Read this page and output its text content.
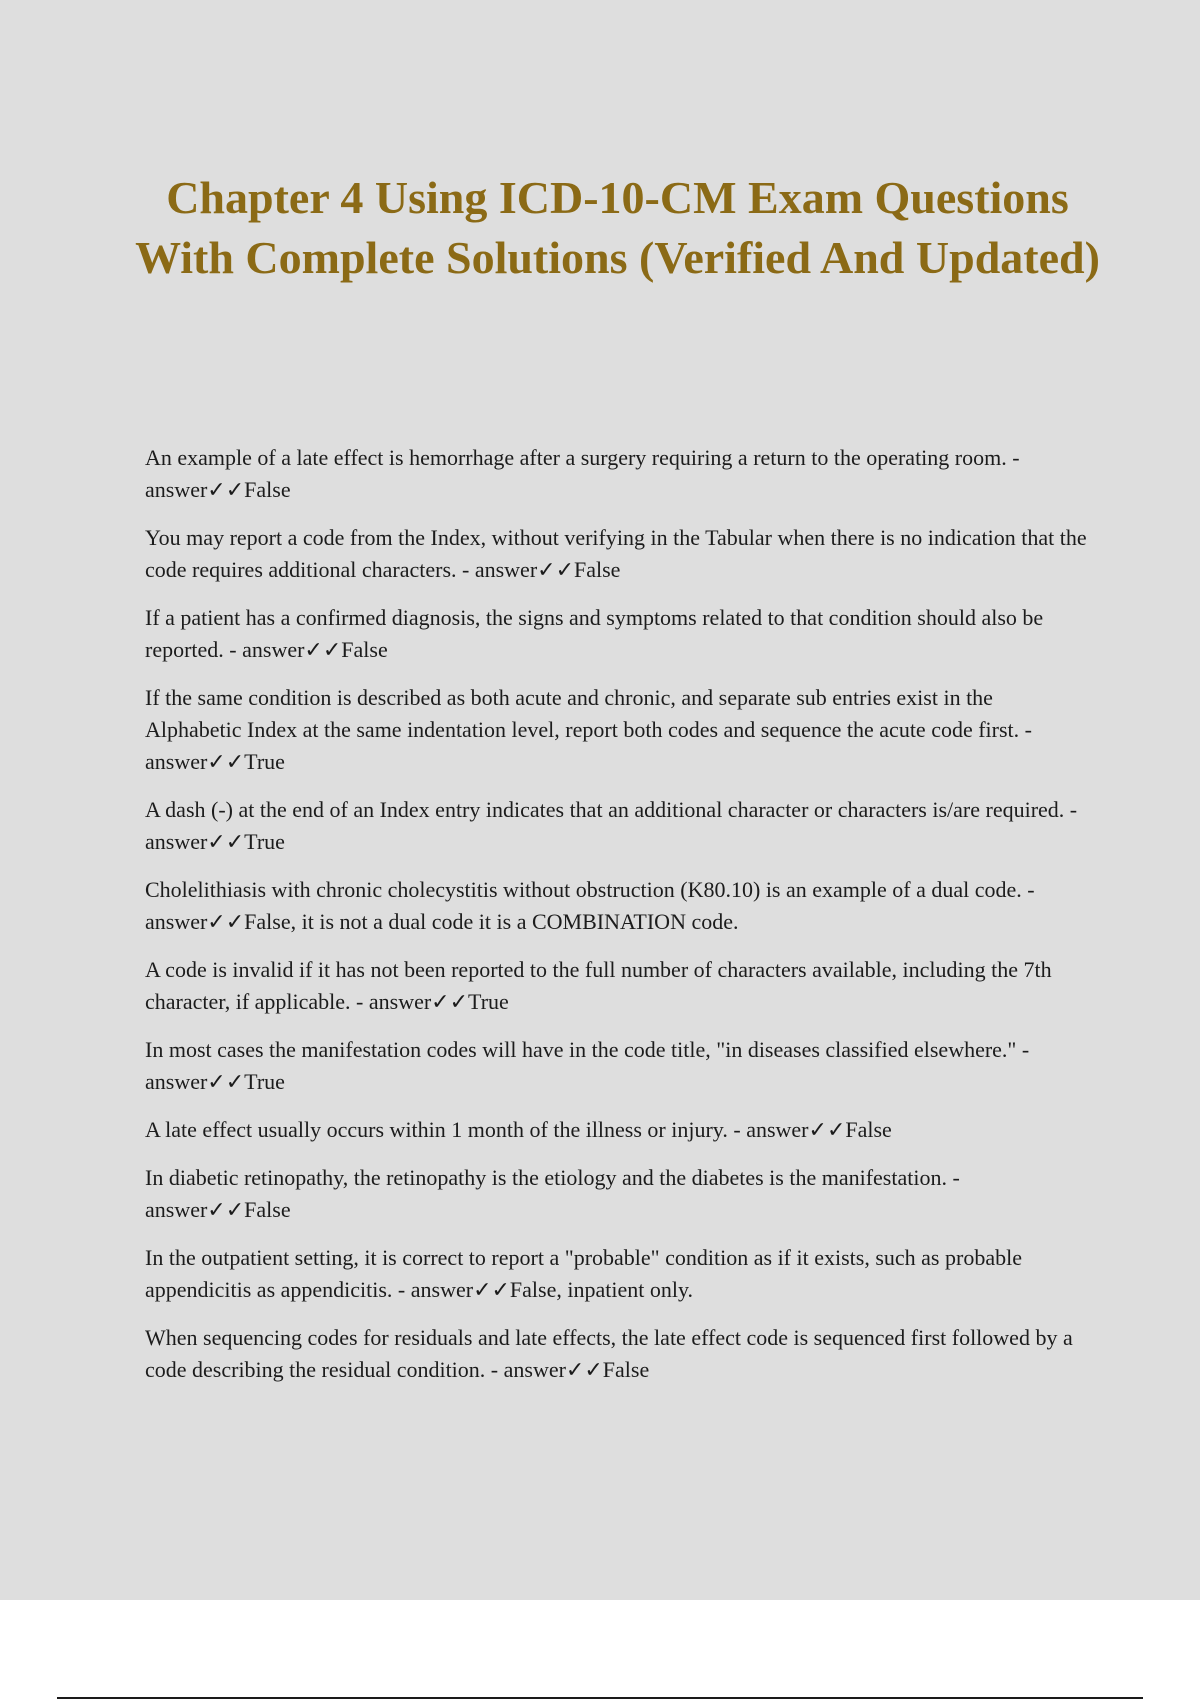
Chapter 4 Using ICD-10-CM Exam Questions With Complete Solutions (Verified And Updated)
An example of a late effect is hemorrhage after a surgery requiring a return to the operating room. - answer✓✓False
You may report a code from the Index, without verifying in the Tabular when there is no indication that the code requires additional characters. - answer✓✓False
If a patient has a confirmed diagnosis, the signs and symptoms related to that condition should also be reported. - answer✓✓False
If the same condition is described as both acute and chronic, and separate sub entries exist in the Alphabetic Index at the same indentation level, report both codes and sequence the acute code first. - answer✓✓True
A dash (-) at the end of an Index entry indicates that an additional character or characters is/are required. - answer✓✓True
Cholelithiasis with chronic cholecystitis without obstruction (K80.10) is an example of a dual code. - answer✓✓False, it is not a dual code it is a COMBINATION code.
A code is invalid if it has not been reported to the full number of characters available, including the 7th character, if applicable. - answer✓✓True
In most cases the manifestation codes will have in the code title, "in diseases classified elsewhere." - answer✓✓True
A late effect usually occurs within 1 month of the illness or injury. - answer✓✓False
In diabetic retinopathy, the retinopathy is the etiology and the diabetes is the manifestation. - answer✓✓False
In the outpatient setting, it is correct to report a "probable" condition as if it exists, such as probable appendicitis as appendicitis. - answer✓✓False, inpatient only.
When sequencing codes for residuals and late effects, the late effect code is sequenced first followed by a code describing the residual condition. - answer✓✓False
